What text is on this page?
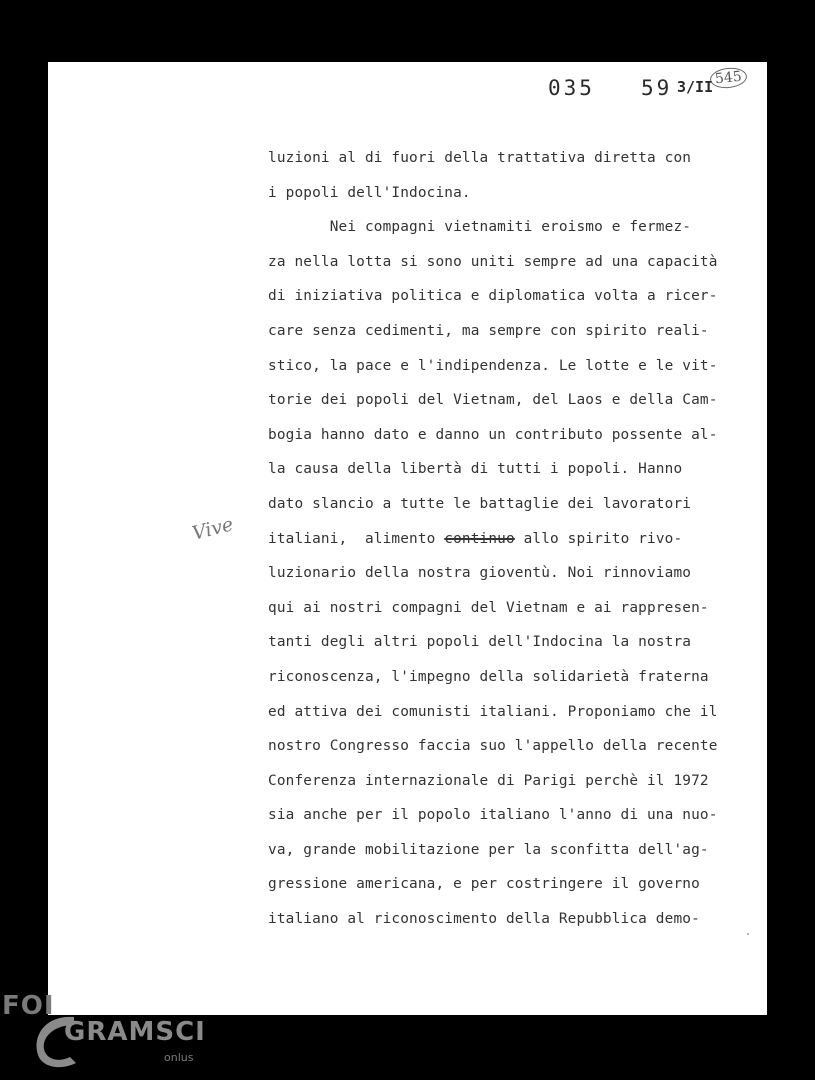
035 59 3/II 545
luzioni al di fuori della trattativa diretta con
i popoli dell'Indocina.
Nei compagni vietnamiti eroismo e fermez-
za nella lotta si sono uniti sempre ad una capacità
di iniziativa politica e diplomatica volta a ricer-
care senza cedimenti, ma sempre con spirito reali-
stico, la pace e l'indipendenza. Le lotte e le vit-
torie dei popoli del Vietnam, del Laos e della Cam-
bogia hanno dato e danno un contributo possente al-
la causa della libertà di tutti i popoli. Hanno
dato slancio a tutte le battaglie dei lavoratori
italiani,  alimento continuo allo spirito rivo-
luzionario della nostra gioventù. Noi rinnoviamo
qui ai nostri compagni del Vietnam e ai rappresen-
tanti degli altri popoli dell'Indocina la nostra
riconoscenza, l'impegno della solidarietà fraterna
ed attiva dei comunisti italiani. Proponiamo che il
nostro Congresso faccia suo l'appello della recente
Conferenza internazionale di Parigi perchè il 1972
sia anche per il popolo italiano l'anno di una nuo-
va, grande mobilitazione per la sconfitta dell'ag-
gressione americana, e per costringere il governo
italiano al riconoscimento della Repubblica demo-
Vive
FOI
GRAMSCI
onlus
